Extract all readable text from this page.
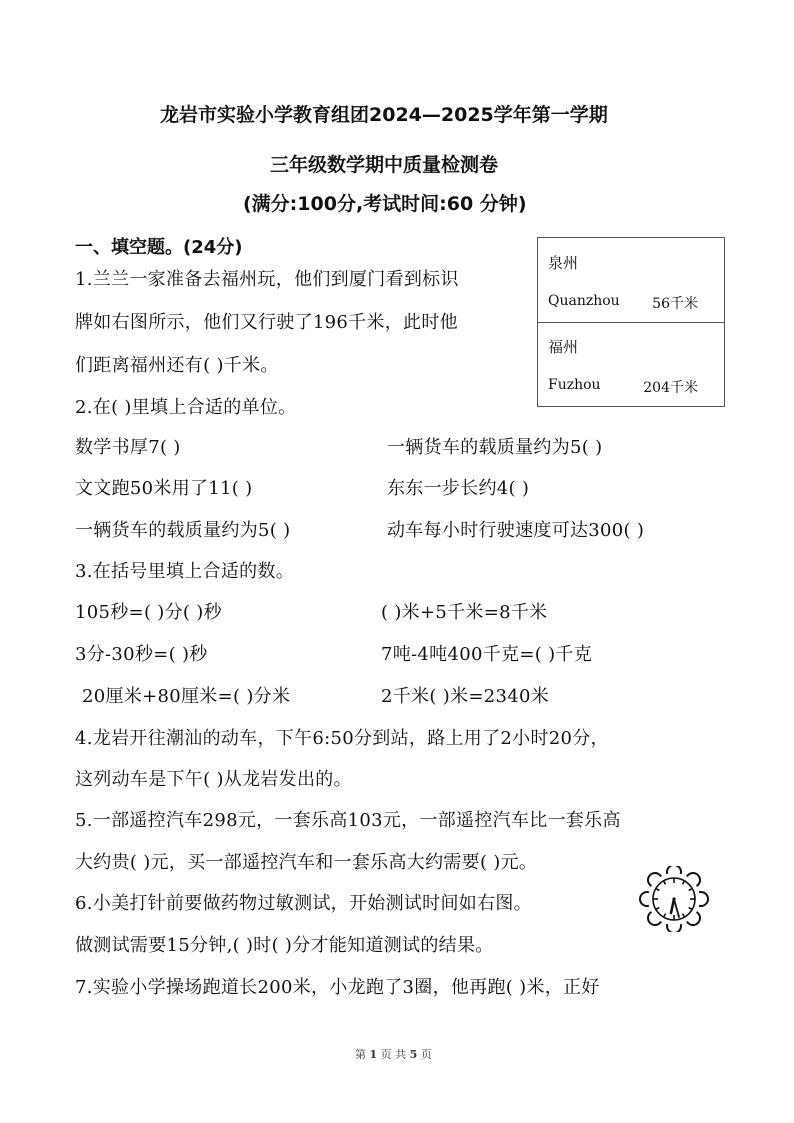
龙岩市实验小学教育组团2024—2025学年第一学期
三年级数学期中质量检测卷
(满分:100分,考试时间:60 分钟)
一、填空题。(24分)
泉州
Quanzhou 56千米
福州
Fuzhou	204千米
1.兰兰一家准备去福州玩，他们到厦门看到标识
牌如右图所示，他们又行驶了196千米，此时他
们距离福州还有( )千米。
2.在( )里填上合适的单位。
数学书厚7( )	一辆货车的载质量约为5( )
文文跑50米用了11( )	东东一步长约4( )
一辆货车的载质量约为5( )	动车每小时行驶速度可达300( )
3.在括号里填上合适的数。
105秒=( )分( )秒	( )米+5千米=8千米
3分-30秒=( )秒	7吨-4吨400千克=( )千克
20厘米+80厘米=( )分米	2千米( )米=2340米
4.龙岩开往潮汕的动车，下午6:50分到站，路上用了2小时20分，
这列动车是下午( )从龙岩发出的。
5.一部遥控汽车298元，一套乐高103元，一部遥控汽车比一套乐高
大约贵( )元，买一部遥控汽车和一套乐高大约需要( )元。
6.小美打针前要做药物过敏测试，开始测试时间如右图。
做测试需要15分钟,( )时( )分才能知道测试的结果。
7.实验小学操场跑道长200米，小龙跑了3圈，他再跑( )米，正好
第 1 页 共 5 页
